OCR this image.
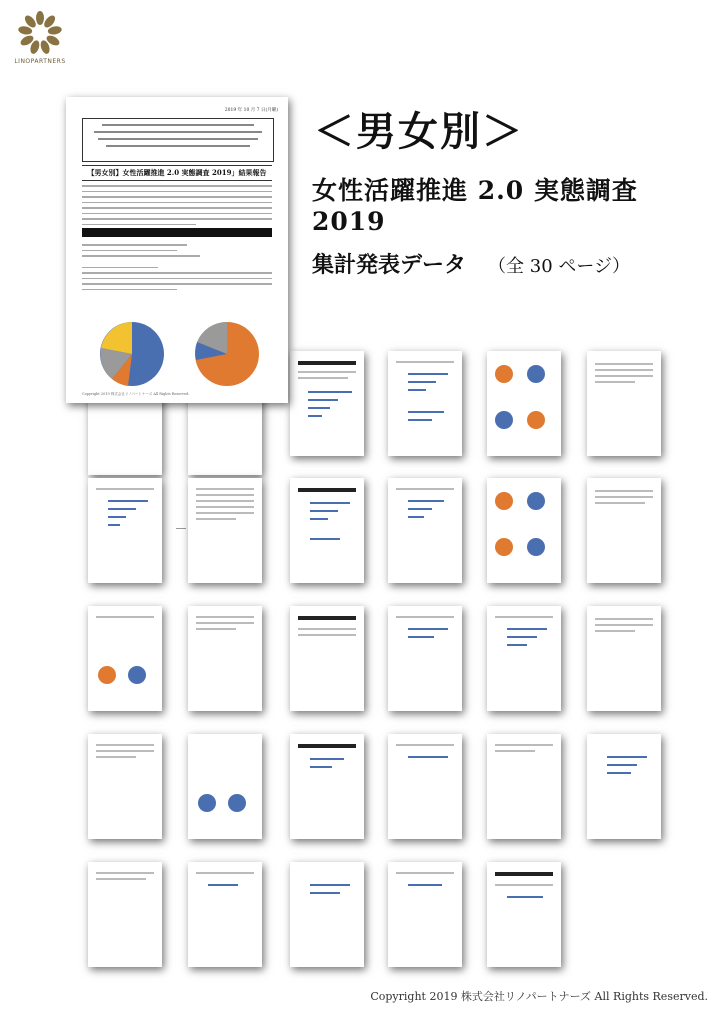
LINOPARTNERS
＜男女別＞
女性活躍推進 2.0 実態調査 2019
集計発表データ （全 30 ページ）
2019 年 10 月 7 日(月曜)
【男女別】女性活躍推進 2.0 実態調査 2019」結果報告
Copyright 2019 株式会社リノパートナーズ All Rights Reserved.
Copyright 2019 株式会社リノパートナーズ All Rights Reserved.
